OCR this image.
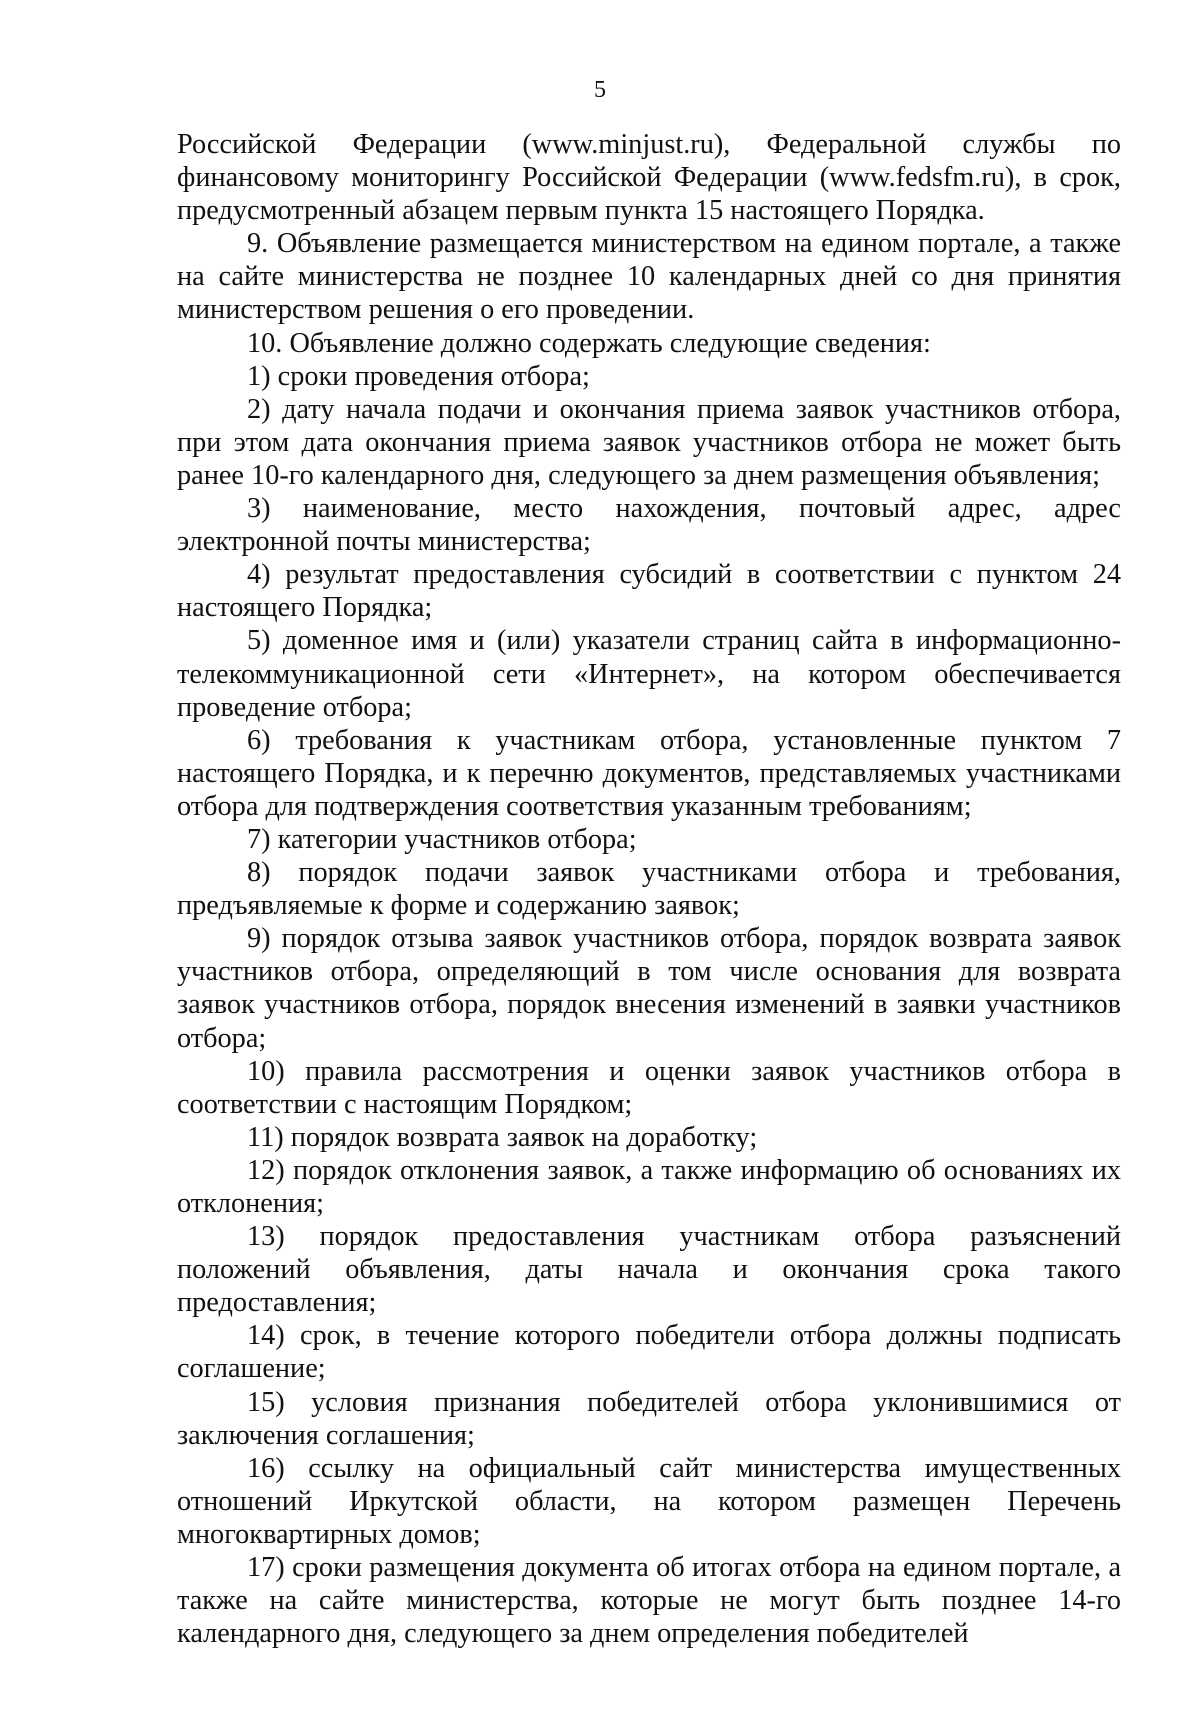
5

Российской Федерации (www.minjust.ru), Федеральной службы по финансовому мониторингу Российской Федерации (www.fedsfm.ru), в срок, предусмотренный абзацем первым пункта 15 настоящего Порядка.

9. Объявление размещается министерством на едином портале, а также на сайте министерства не позднее 10 календарных дней со дня принятия министерством решения о его проведении.

10. Объявление должно содержать следующие сведения:

1) сроки проведения отбора;

2) дату начала подачи и окончания приема заявок участников отбора, при этом дата окончания приема заявок участников отбора не может быть ранее 10-го календарного дня, следующего за днем размещения объявления;

3) наименование, место нахождения, почтовый адрес, адрес электронной почты министерства;

4) результат предоставления субсидий в соответствии с пунктом 24 настоящего Порядка;

5) доменное имя и (или) указатели страниц сайта в информационно-телекоммуникационной сети «Интернет», на котором обеспечивается проведение отбора;

6) требования к участникам отбора, установленные пунктом 7 настоящего Порядка, и к перечню документов, представляемых участниками отбора для подтверждения соответствия указанным требованиям;

7) категории участников отбора;

8) порядок подачи заявок участниками отбора и требования, предъявляемые к форме и содержанию заявок;

9) порядок отзыва заявок участников отбора, порядок возврата заявок участников отбора, определяющий в том числе основания для возврата заявок участников отбора, порядок внесения изменений в заявки участников отбора;

10) правила рассмотрения и оценки заявок участников отбора в соответствии с настоящим Порядком;

11) порядок возврата заявок на доработку;

12) порядок отклонения заявок, а также информацию об основаниях их отклонения;

13) порядок предоставления участникам отбора разъяснений положений объявления, даты начала и окончания срока такого предоставления;

14) срок, в течение которого победители отбора должны подписать соглашение;

15) условия признания победителей отбора уклонившимися от заключения соглашения;

16) ссылку на официальный сайт министерства имущественных отношений Иркутской области, на котором размещен Перечень многоквартирных домов;

17) сроки размещения документа об итогах отбора на едином портале, а также на сайте министерства, которые не могут быть позднее 14-го календарного дня, следующего за днем определения победителей
